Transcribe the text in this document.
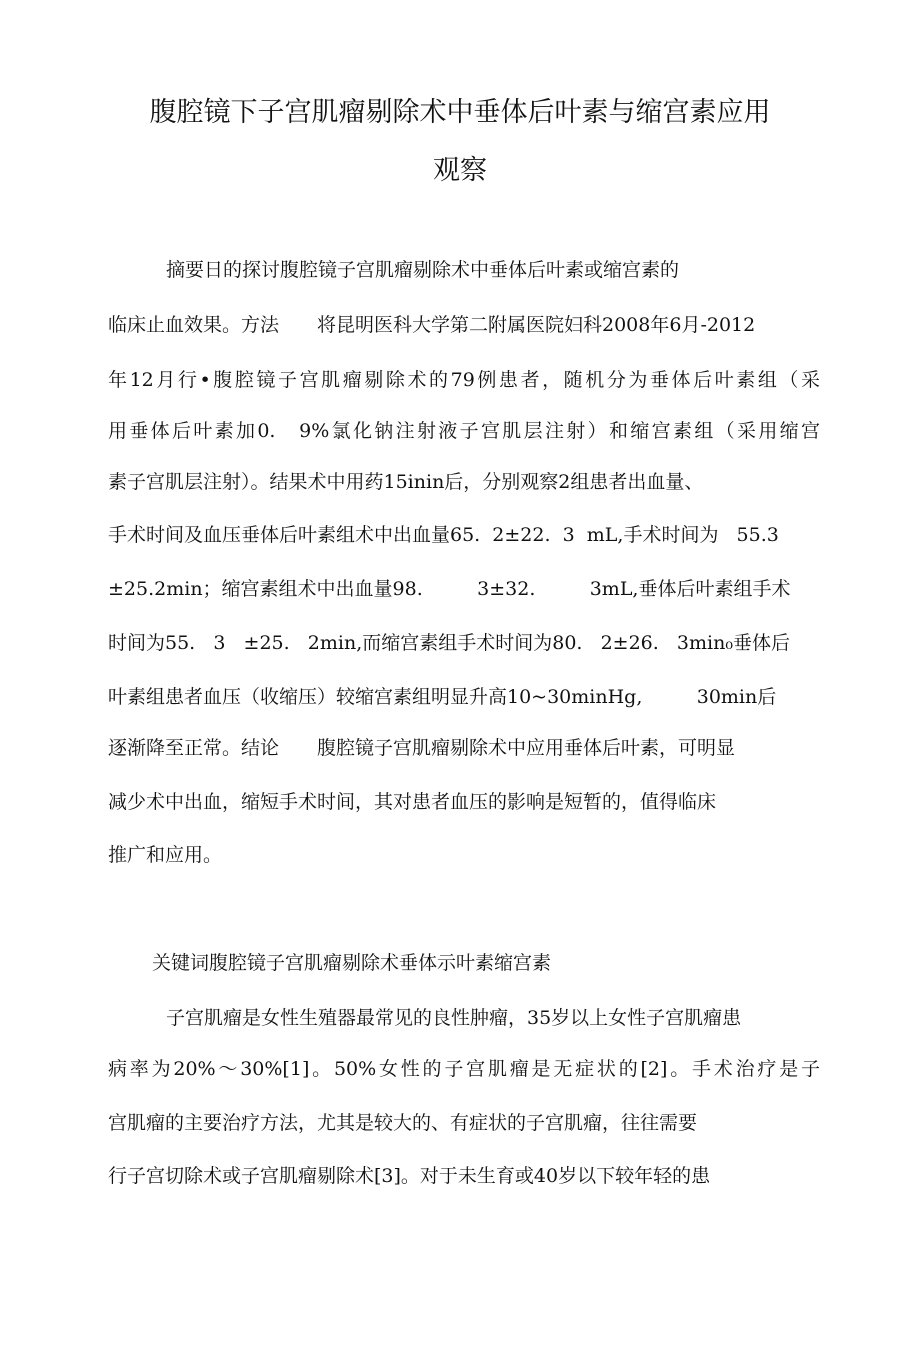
腹腔镜下子宫肌瘤剔除术中垂体后叶素与缩宫素应用
观察

摘要日的探讨腹腔镜子宫肌瘤剔除术中垂体后叶素或缩宫素的

临床止血效果。方法　　将昆明医科大学第二附属医院妇科2008年6月-2012

年12月行•腹腔镜子宫肌瘤剔除术的79例患者，随机分为垂体后叶素组（采

用垂体后叶素加0.　9%氯化钠注射液子宫肌层注射）和缩宫素组（采用缩宫

素子宫肌层注射）。结果术中用药15inin后，分别观察2组患者出血量、

手术时间及血压垂体后叶素组术中出血量65.  2±22.  3  mL,手术时间为   55.3

±25.2min；缩宫素组术中出血量98.         3±32.         3mL,垂体后叶素组手术

时间为55.   3   ±25.   2min,而缩宫素组手术时间为80.   2±26.   3min₀垂体后

叶素组患者血压（收缩压）较缩宫素组明显升高10~30minHg,         30min后

逐渐降至正常。结论　　腹腔镜子宫肌瘤剔除术中应用垂体后叶素，可明显

减少术中出血，缩短手术时间，其对患者血压的影响是短暂的，值得临床

推广和应用。

关键词腹腔镜子宫肌瘤剔除术垂体示叶素缩宫素

子宫肌瘤是女性生殖器最常见的良性肿瘤，35岁以上女性子宫肌瘤患

病率为20%～30%[1]。50%女性的子宫肌瘤是无症状的[2]。手术治疗是子

宫肌瘤的主要治疗方法，尤其是较大的、有症状的子宫肌瘤，往往需要

行子宫切除术或子宫肌瘤剔除术[3]。对于未生育或40岁以下较年轻的患
